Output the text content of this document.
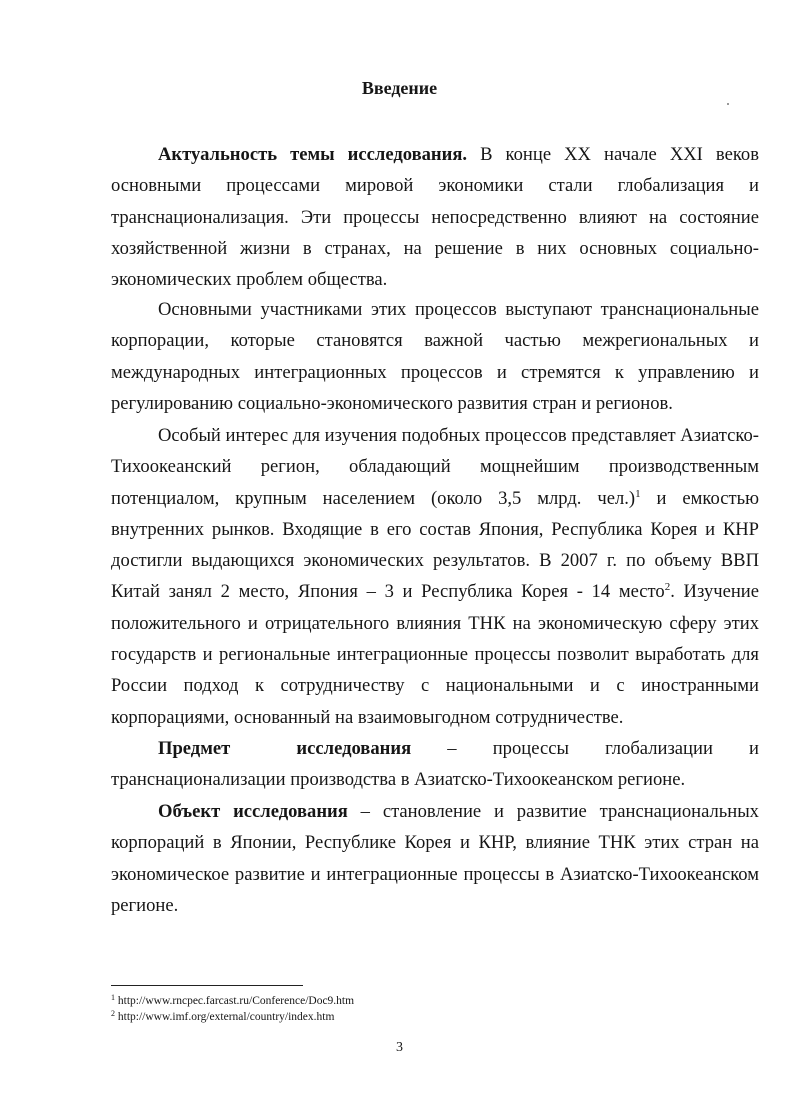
Введение

Актуальность темы исследования. В конце XX начале XXI веков основными процессами мировой экономики стали глобализация и транснационализация. Эти процессы непосредственно влияют на состояние хозяйственной жизни в странах, на решение в них основных социально-экономических проблем общества.

Основными участниками этих процессов выступают транснациональные корпорации, которые становятся важной частью межрегиональных и международных интеграционных процессов и стремятся к управлению и регулированию социально-экономического развития стран и регионов.

Особый интерес для изучения подобных процессов представляет Азиатско-Тихоокеанский регион, обладающий мощнейшим производственным потенциалом, крупным населением (около 3,5 млрд. чел.)$^1$ и емкостью внутренних рынков. Входящие в его состав Япония, Республика Корея и КНР достигли выдающихся экономических результатов. В 2007 г. по объему ВВП Китай занял 2 место, Япония – 3 и Республика Корея - 14 место$^2$. Изучение положительного и отрицательного влияния ТНК на экономическую сферу этих государств и региональные интеграционные процессы позволит выработать для России подход к сотрудничеству с национальными и с иностранными корпорациями, основанный на взаимовыгодном сотрудничестве.

Предмет исследования – процессы глобализации и транснационализации производства в Азиатско-Тихоокеанском регионе.

Объект исследования – становление и развитие транснациональных корпораций в Японии, Республике Корея и КНР, влияние ТНК этих стран на экономическое развитие и интеграционные процессы в Азиатско-Тихоокеанском регионе.

$^1$ http://www.rncpec.farcast.ru/Conference/Doc9.htm
$^2$ http://www.imf.org/external/country/index.htm
3
